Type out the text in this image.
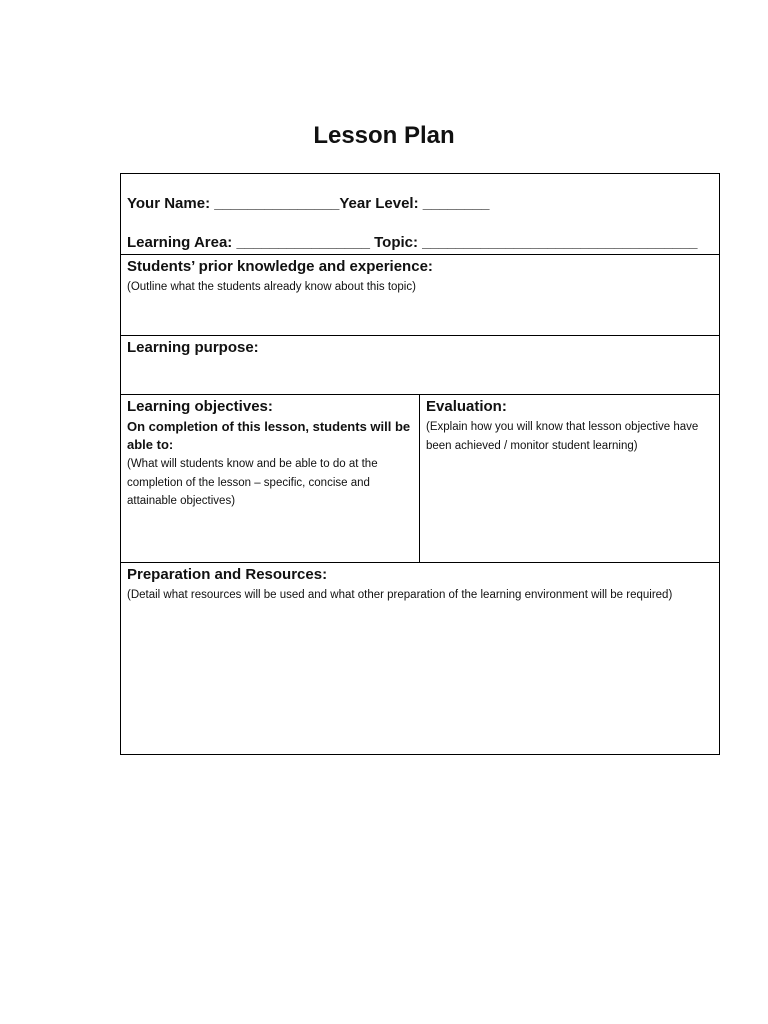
Lesson Plan
Your Name: _______________Year Level: ________
Learning Area: ________________ Topic: _________________________________
Students’ prior knowledge and experience:
(Outline what the students already know about this topic)
Learning purpose:
Learning objectives:
On completion of this lesson, students will be
able to:
(What will students know and be able to do at the
completion of the lesson – specific, concise and
attainable objectives)
Evaluation:
(Explain how you will know that lesson objective have
been achieved / monitor student learning)
Preparation and Resources:
(Detail what resources will be used and what other preparation of the learning environment will be required)
